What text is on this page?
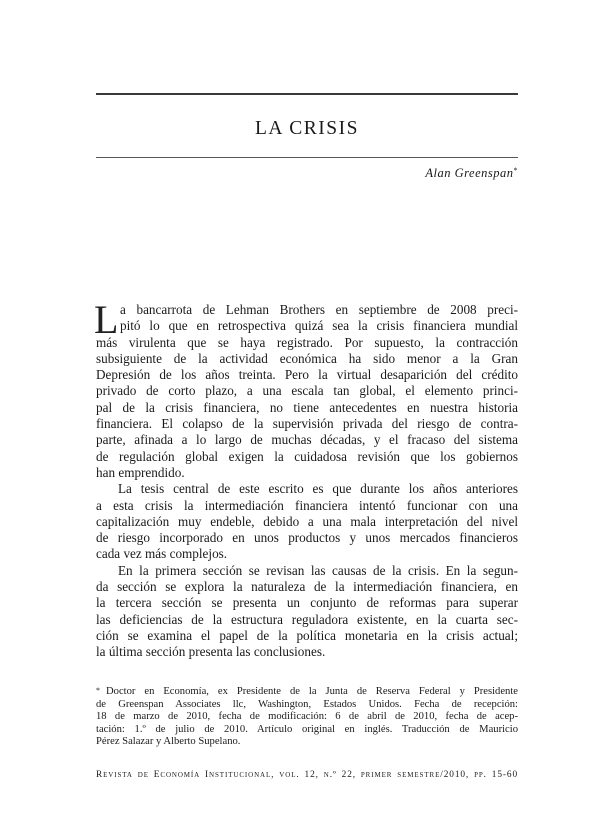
LA CRISIS
Alan Greenspan*
L a bancarrota de Lehman Brothers en septiembre de 2008 preci-
pitó lo que en retrospectiva quizá sea la crisis financiera mundial
más virulenta que se haya registrado. Por supuesto, la contracción
subsiguiente de la actividad económica ha sido menor a la Gran
Depresión de los años treinta. Pero la virtual desaparición del crédito
privado de corto plazo, a una escala tan global, el elemento princi-
pal de la crisis financiera, no tiene antecedentes en nuestra historia
financiera. El colapso de la supervisión privada del riesgo de contra-
parte, afinada a lo largo de muchas décadas, y el fracaso del sistema
de regulación global exigen la cuidadosa revisión que los gobiernos
han emprendido.
La tesis central de este escrito es que durante los años anteriores
a esta crisis la intermediación financiera intentó funcionar con una
capitalización muy endeble, debido a una mala interpretación del nivel
de riesgo incorporado en unos productos y unos mercados financieros
cada vez más complejos.
En la primera sección se revisan las causas de la crisis. En la segun-
da sección se explora la naturaleza de la intermediación financiera, en
la tercera sección se presenta un conjunto de reformas para superar
las deficiencias de la estructura reguladora existente, en la cuarta sec-
ción se examina el papel de la política monetaria en la crisis actual;
la última sección presenta las conclusiones.
* Doctor en Economía, ex Presidente de la Junta de Reserva Federal y Presidente
de Greenspan Associates llc, Washington, Estados Unidos. Fecha de recepción:
18 de marzo de 2010, fecha de modificación: 6 de abril de 2010, fecha de acep-
tación: 1.º de julio de 2010. Artículo original en inglés. Traducción de Mauricio
Pérez Salazar y Alberto Supelano.
Revista de Economía Institucional, vol. 12, n.º 22, primer semestre/2010, pp. 15-60
